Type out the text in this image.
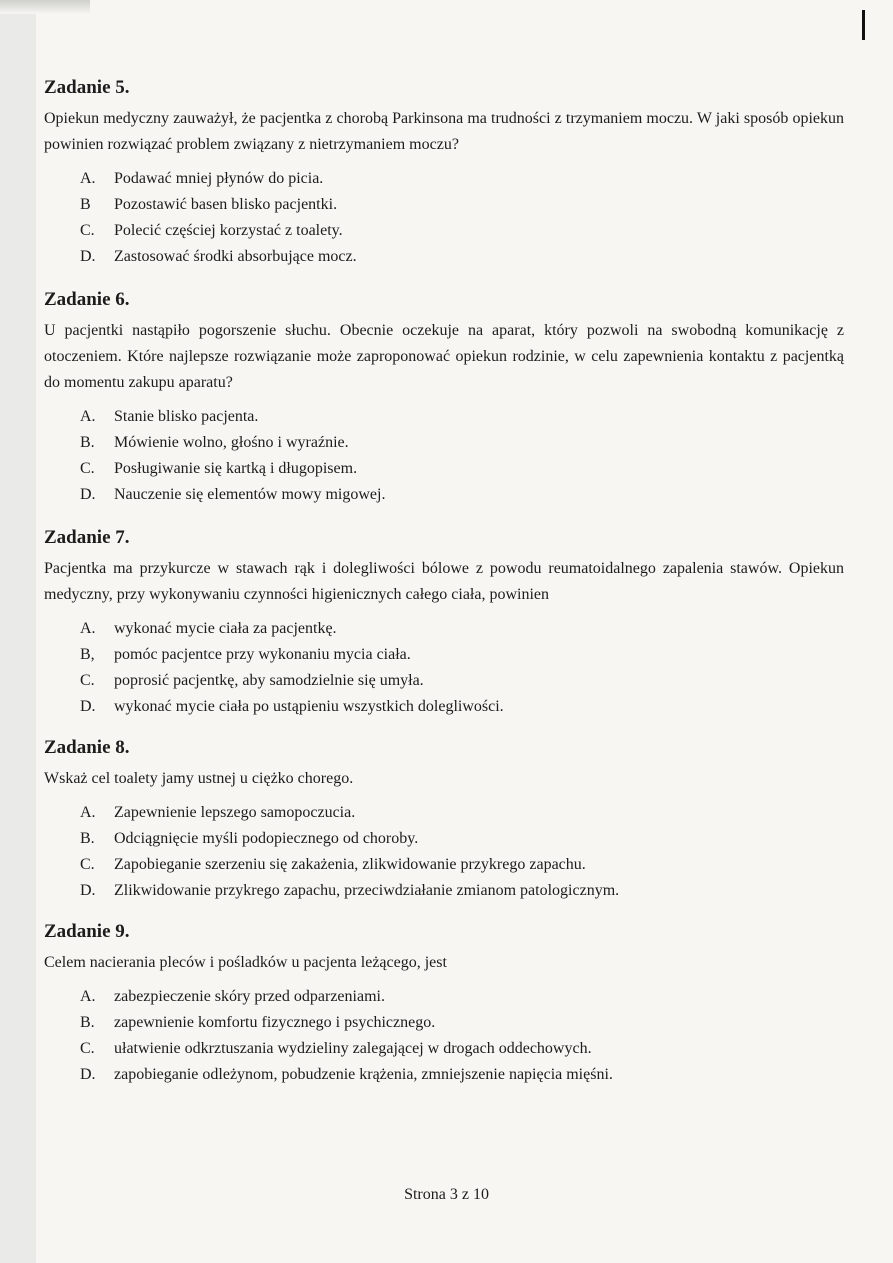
Zadanie 5.

Opiekun medyczny zauważył, że pacjentka z chorobą Parkinsona ma trudności z trzymaniem moczu. W jaki sposób opiekun powinien rozwiązać problem związany z nietrzymaniem moczu?

A.	Podawać mniej płynów do picia.
B	Pozostawić basen blisko pacjentki.
C.	Polecić częściej korzystać z toalety.
D.	Zastosować środki absorbujące mocz.
Zadanie 6.

U pacjentki nastąpiło pogorszenie słuchu. Obecnie oczekuje na aparat, który pozwoli na swobodną komunikację z otoczeniem. Które najlepsze rozwiązanie może zaproponować opiekun rodzinie, w celu zapewnienia kontaktu z pacjentką do momentu zakupu aparatu?

A.	Stanie blisko pacjenta.
B.	Mówienie wolno, głośno i wyraźnie.
C.	Posługiwanie się kartką i długopisem.
D.	Nauczenie się elementów mowy migowej.
Zadanie 7.

Pacjentka ma przykurcze w stawach rąk i dolegliwości bólowe z powodu reumatoidalnego zapalenia stawów. Opiekun medyczny, przy wykonywaniu czynności higienicznych całego ciała, powinien

A.	wykonać mycie ciała za pacjentkę.
B,	pomóc pacjentce przy wykonaniu mycia ciała.
C.	poprosić pacjentkę, aby samodzielnie się umyła.
D.	wykonać mycie ciała po ustąpieniu wszystkich dolegliwości.
Zadanie 8.

Wskaż cel toalety jamy ustnej u ciężko chorego.

A.	Zapewnienie lepszego samopoczucia.
B.	Odciągnięcie myśli podopiecznego od choroby.
C.	Zapobieganie szerzeniu się zakażenia, zlikwidowanie przykrego zapachu.
D.	Zlikwidowanie przykrego zapachu, przeciwdziałanie zmianom patologicznym.
Zadanie 9.

Celem nacierania pleców i pośladków u pacjenta leżącego, jest

A.	zabezpieczenie skóry przed odparzeniami.
B.	zapewnienie komfortu fizycznego i psychicznego.
C.	ułatwienie odkrztuszania wydzieliny zalegającej w drogach oddechowych.
D.	zapobieganie odleżynom, pobudzenie krążenia, zmniejszenie napięcia mięśni.
Strona 3 z 10
